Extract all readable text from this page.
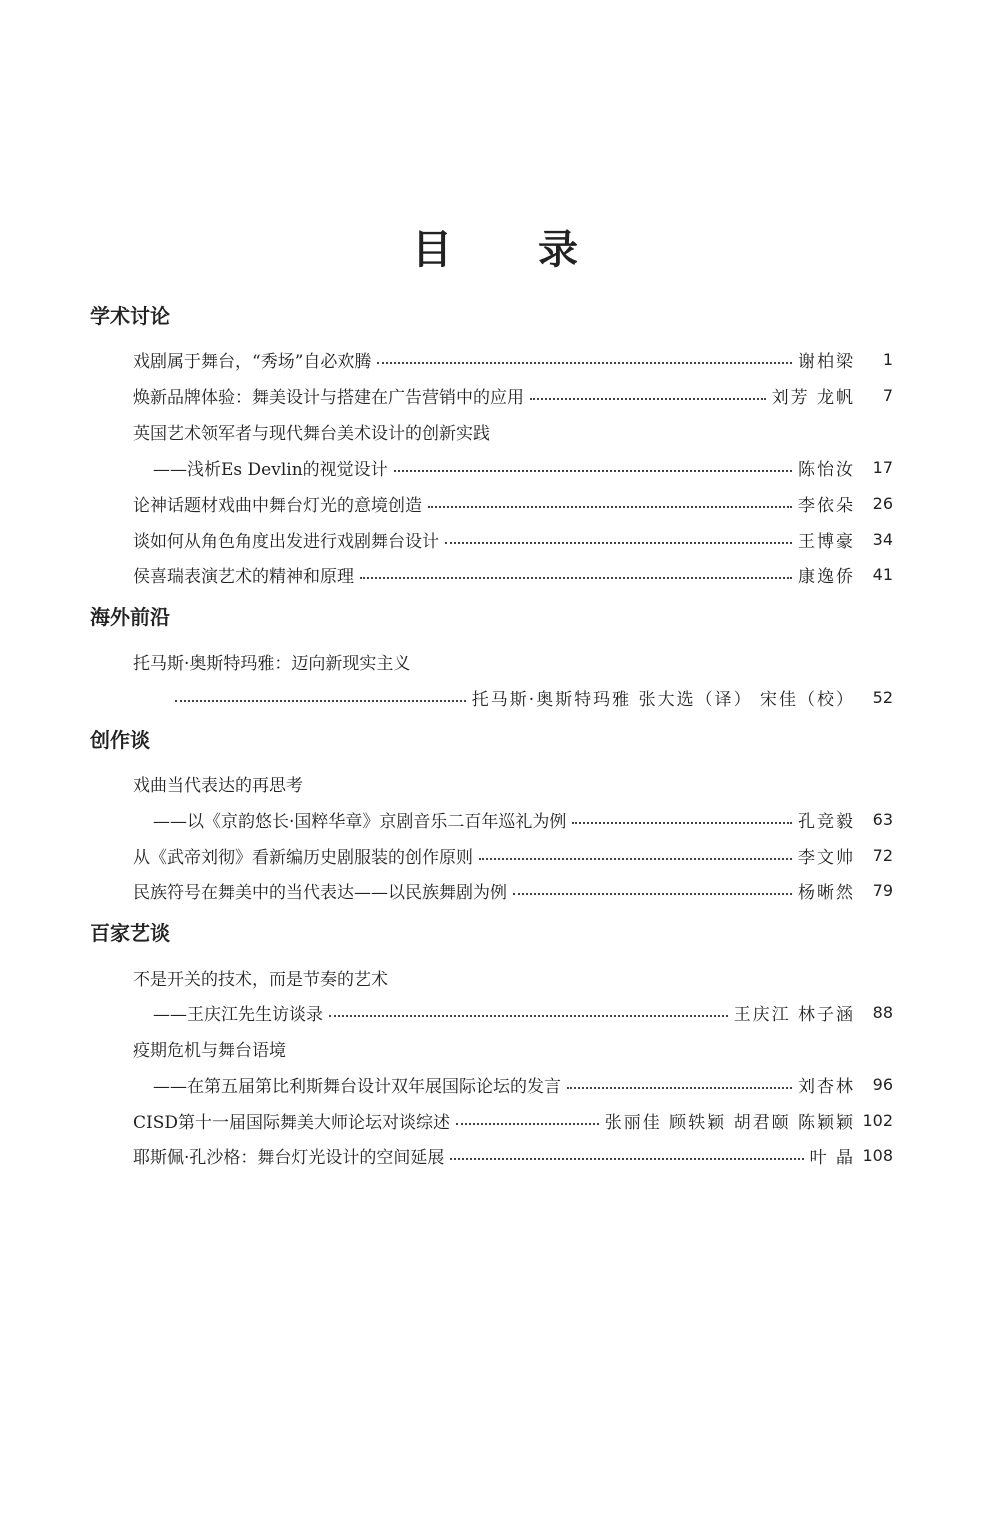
目 录
学术讨论
戏剧属于舞台，“秀场”自必欢腾	谢柏梁	1
焕新品牌体验：舞美设计与搭建在广告营销中的应用	刘芳 龙帆	7
英国艺术领军者与现代舞台美术设计的创新实践
——浅析Es Devlin的视觉设计	陈怡汝	17
论神话题材戏曲中舞台灯光的意境创造	李依朵	26
谈如何从角色角度出发进行戏剧舞台设计	王博豪	34
侯喜瑞表演艺术的精神和原理	康逸侨	41
海外前沿
托马斯·奥斯特玛雅：迈向新现实主义
托马斯·奥斯特玛雅 张大选（译） 宋佳（校）	52
创作谈
戏曲当代表达的再思考
——以《京韵悠长·国粹华章》京剧音乐二百年巡礼为例	孔竞毅	63
从《武帝刘彻》看新编历史剧服装的创作原则	李文帅	72
民族符号在舞美中的当代表达——以民族舞剧为例	杨晰然	79
百家艺谈
不是开关的技术，而是节奏的艺术
——王庆江先生访谈录	王庆江 林子涵	88
疫期危机与舞台语境
——在第五届第比利斯舞台设计双年展国际论坛的发言	刘杏林	96
CISD第十一届国际舞美大师论坛对谈综述	张丽佳 顾轶颖 胡君颐 陈颖颖 102
耶斯佩·孔沙格：舞台灯光设计的空间延展	叶 晶 108
